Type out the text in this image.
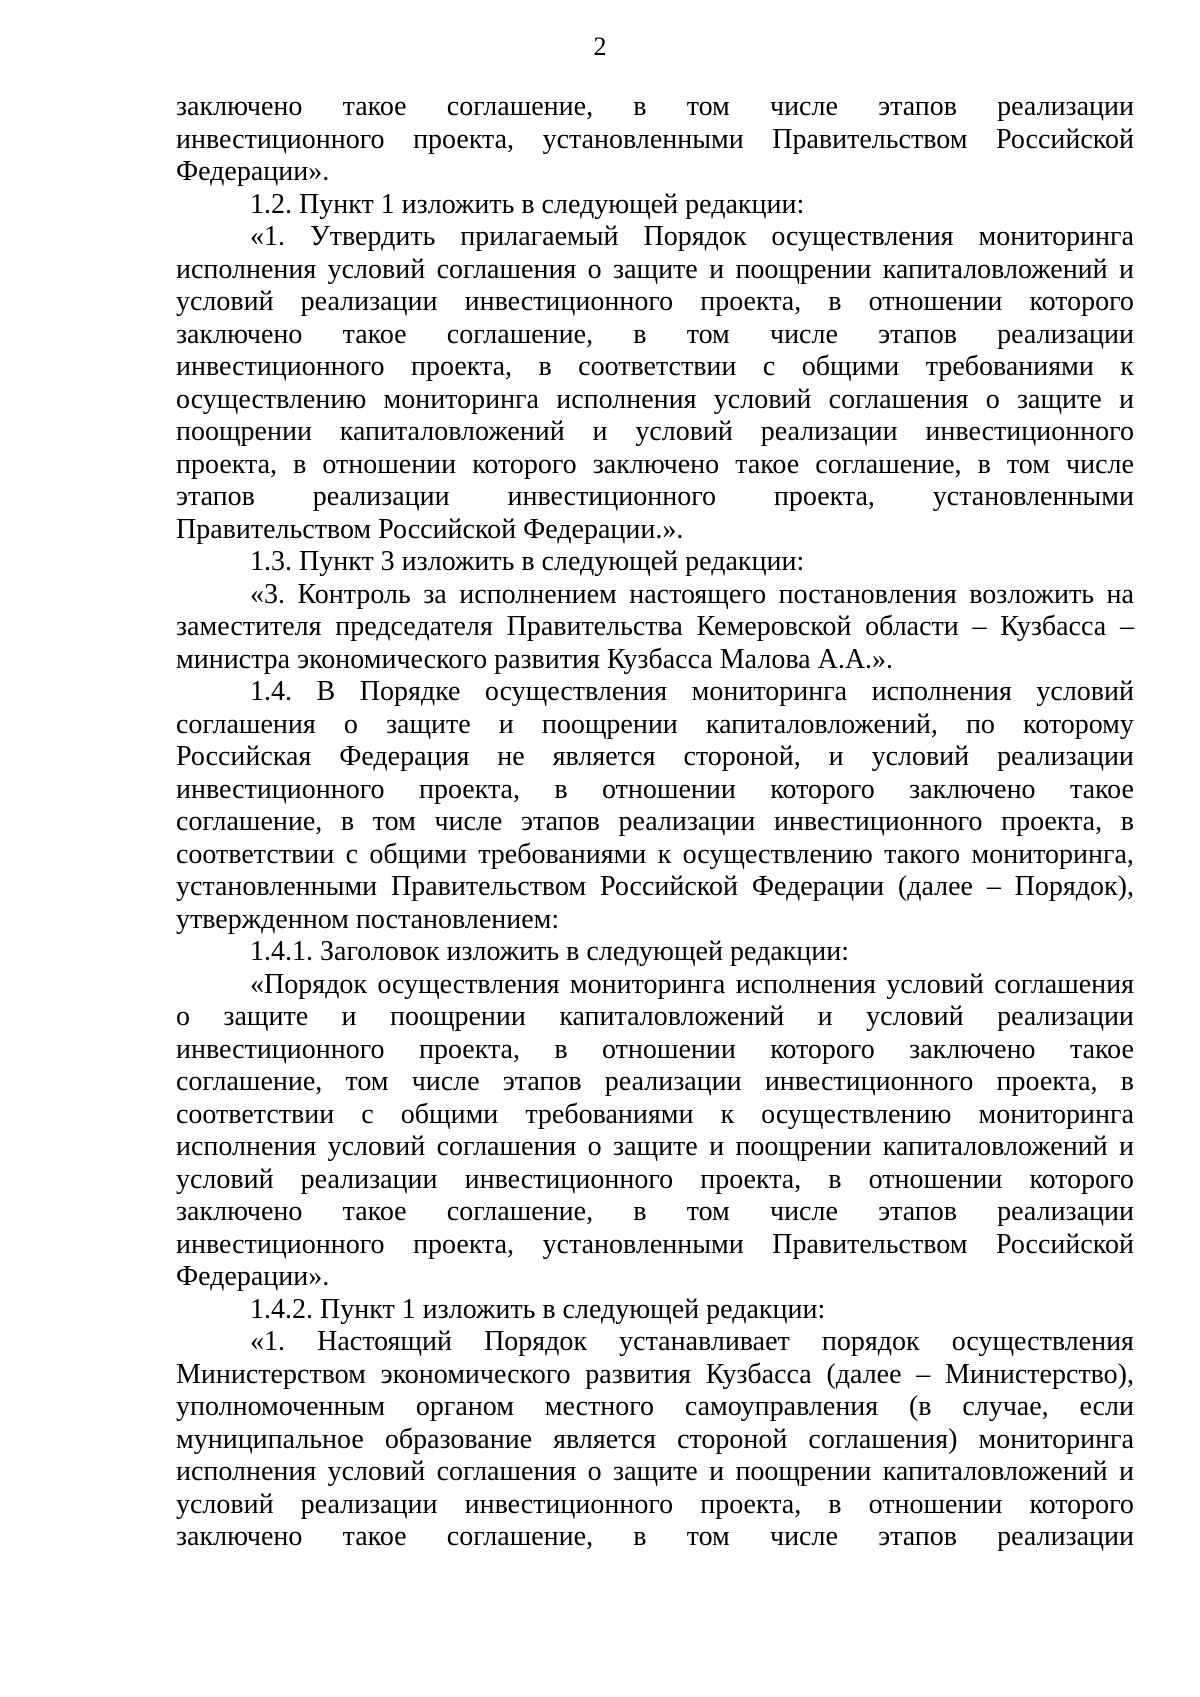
2
заключено такое соглашение, в том числе этапов реализации
инвестиционного проекта, установленными Правительством Российской
Федерации».
1.2. Пункт 1 изложить в следующей редакции:
«1. Утвердить прилагаемый Порядок осуществления мониторинга
исполнения условий соглашения о защите и поощрении капиталовложений и
условий реализации инвестиционного проекта, в отношении которого
заключено такое соглашение, в том числе этапов реализации
инвестиционного проекта, в соответствии с общими требованиями к
осуществлению мониторинга исполнения условий соглашения о защите и
поощрении капиталовложений и условий реализации инвестиционного
проекта, в отношении которого заключено такое соглашение, в том числе
этапов реализации инвестиционного проекта, установленными
Правительством Российской Федерации.».
1.3. Пункт 3 изложить в следующей редакции:
«3. Контроль за исполнением настоящего постановления возложить на
заместителя председателя Правительства Кемеровской области – Кузбасса –
министра экономического развития Кузбасса Малова А.А.».
1.4. В Порядке осуществления мониторинга исполнения условий
соглашения о защите и поощрении капиталовложений, по которому
Российская Федерация не является стороной, и условий реализации
инвестиционного проекта, в отношении которого заключено такое
соглашение, в том числе этапов реализации инвестиционного проекта, в
соответствии с общими требованиями к осуществлению такого мониторинга,
установленными Правительством Российской Федерации (далее – Порядок),
утвержденном постановлением:
1.4.1. Заголовок изложить в следующей редакции:
«Порядок осуществления мониторинга исполнения условий соглашения
о защите и поощрении капиталовложений и условий реализации
инвестиционного проекта, в отношении которого заключено такое
соглашение, том числе этапов реализации инвестиционного проекта, в
соответствии с общими требованиями к осуществлению мониторинга
исполнения условий соглашения о защите и поощрении капиталовложений и
условий реализации инвестиционного проекта, в отношении которого
заключено такое соглашение, в том числе этапов реализации
инвестиционного проекта, установленными Правительством Российской
Федерации».
1.4.2. Пункт 1 изложить в следующей редакции:
«1. Настоящий Порядок устанавливает порядок осуществления
Министерством экономического развития Кузбасса (далее – Министерство),
уполномоченным органом местного самоуправления (в случае, если
муниципальное образование является стороной соглашения) мониторинга
исполнения условий соглашения о защите и поощрении капиталовложений и
условий реализации инвестиционного проекта, в отношении которого
заключено такое соглашение, в том числе этапов реализации
